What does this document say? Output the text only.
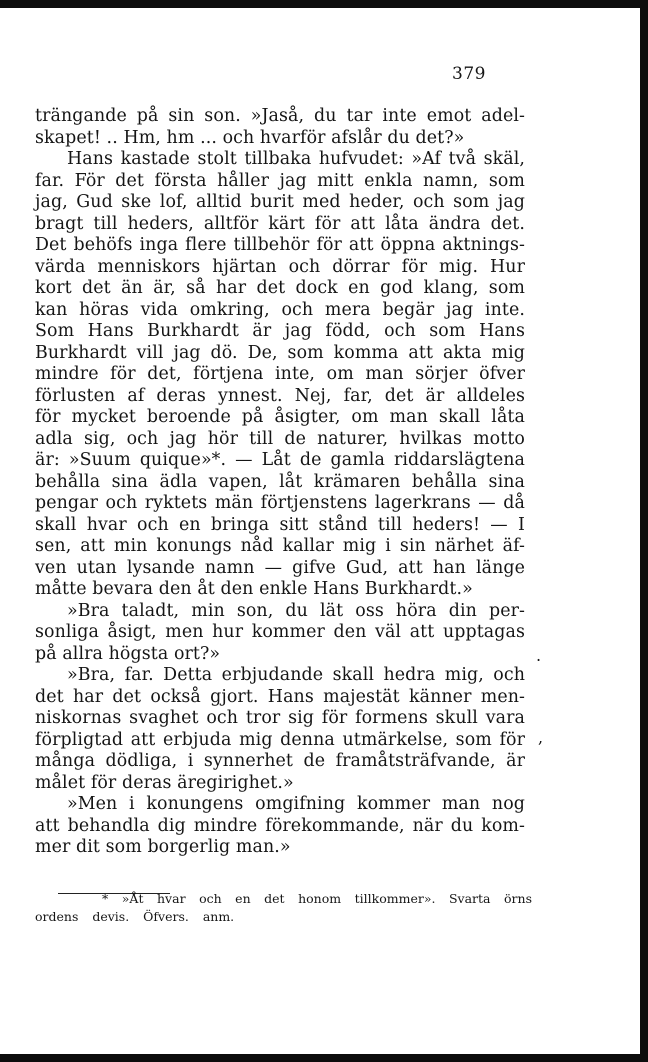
379
trängande på sin son. »Jaså, du tar inte emot adel-
skapet! .. Hm, hm ... och hvarför afslår du det?»
Hans kastade stolt tillbaka hufvudet: »Af två skäl,
far. För det första håller jag mitt enkla namn, som
jag, Gud ske lof, alltid burit med heder, och som jag
bragt till heders, alltför kärt för att låta ändra det.
Det behöfs inga flere tillbehör för att öppna aktnings-
värda menniskors hjärtan och dörrar för mig. Hur
kort det än är, så har det dock en god klang, som
kan höras vida omkring, och mera begär jag inte.
Som Hans Burkhardt är jag född, och som Hans
Burkhardt vill jag dö. De, som komma att akta mig
mindre för det, förtjena inte, om man sörjer öfver
förlusten af deras ynnest. Nej, far, det är alldeles
för mycket beroende på åsigter, om man skall låta
adla sig, och jag hör till de naturer, hvilkas motto
är: »Suum quique»*. — Låt de gamla riddarslägtena
behålla sina ädla vapen, låt krämaren behålla sina
pengar och ryktets män förtjenstens lagerkrans — då
skall hvar och en bringa sitt stånd till heders! — I
sen, att min konungs nåd kallar mig i sin närhet äf-
ven utan lysande namn — gifve Gud, att han länge
måtte bevara den åt den enkle Hans Burkhardt.»
»Bra taladt, min son, du lät oss höra din per-
sonliga åsigt, men hur kommer den väl att upptagas
på allra högsta ort?»
»Bra, far. Detta erbjudande skall hedra mig, och
det har det också gjort. Hans majestät känner men-
niskornas svaghet och tror sig för formens skull vara
förpligtad att erbjuda mig denna utmärkelse, som för
många dödliga, i synnerhet de framåtsträfvande, är
målet för deras äregirighet.»
»Men i konungens omgifning kommer man nog
att behandla dig mindre förekommande, när du kom-
mer dit som borgerlig man.»
* »Åt hvar och en det honom tillkommer». Svarta örns
ordens devis. Öfvers. anm.
.
,
